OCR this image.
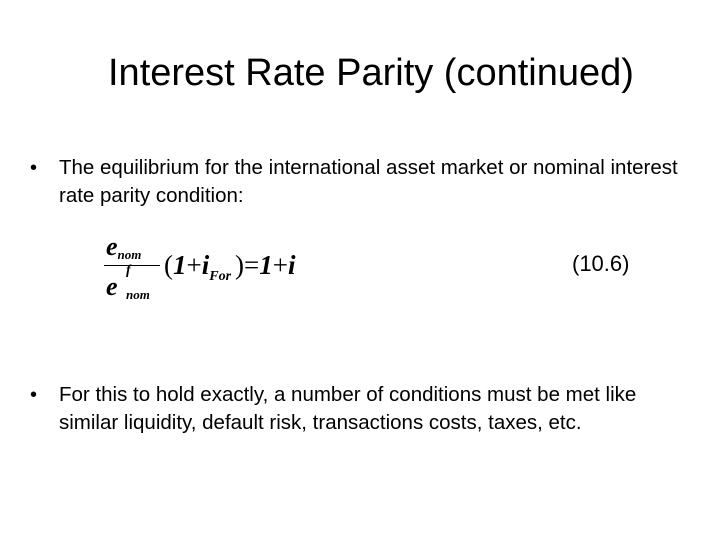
Interest Rate Parity (continued)
•	The equilibrium for the international asset market or nominal interest rate parity condition:
$e_{nom}$
e
f
nom
($1+i_{For}$ )=1+i	(10.6)
•	For this to hold exactly, a number of conditions must be met like similar liquidity, default risk, transactions costs, taxes, etc.
